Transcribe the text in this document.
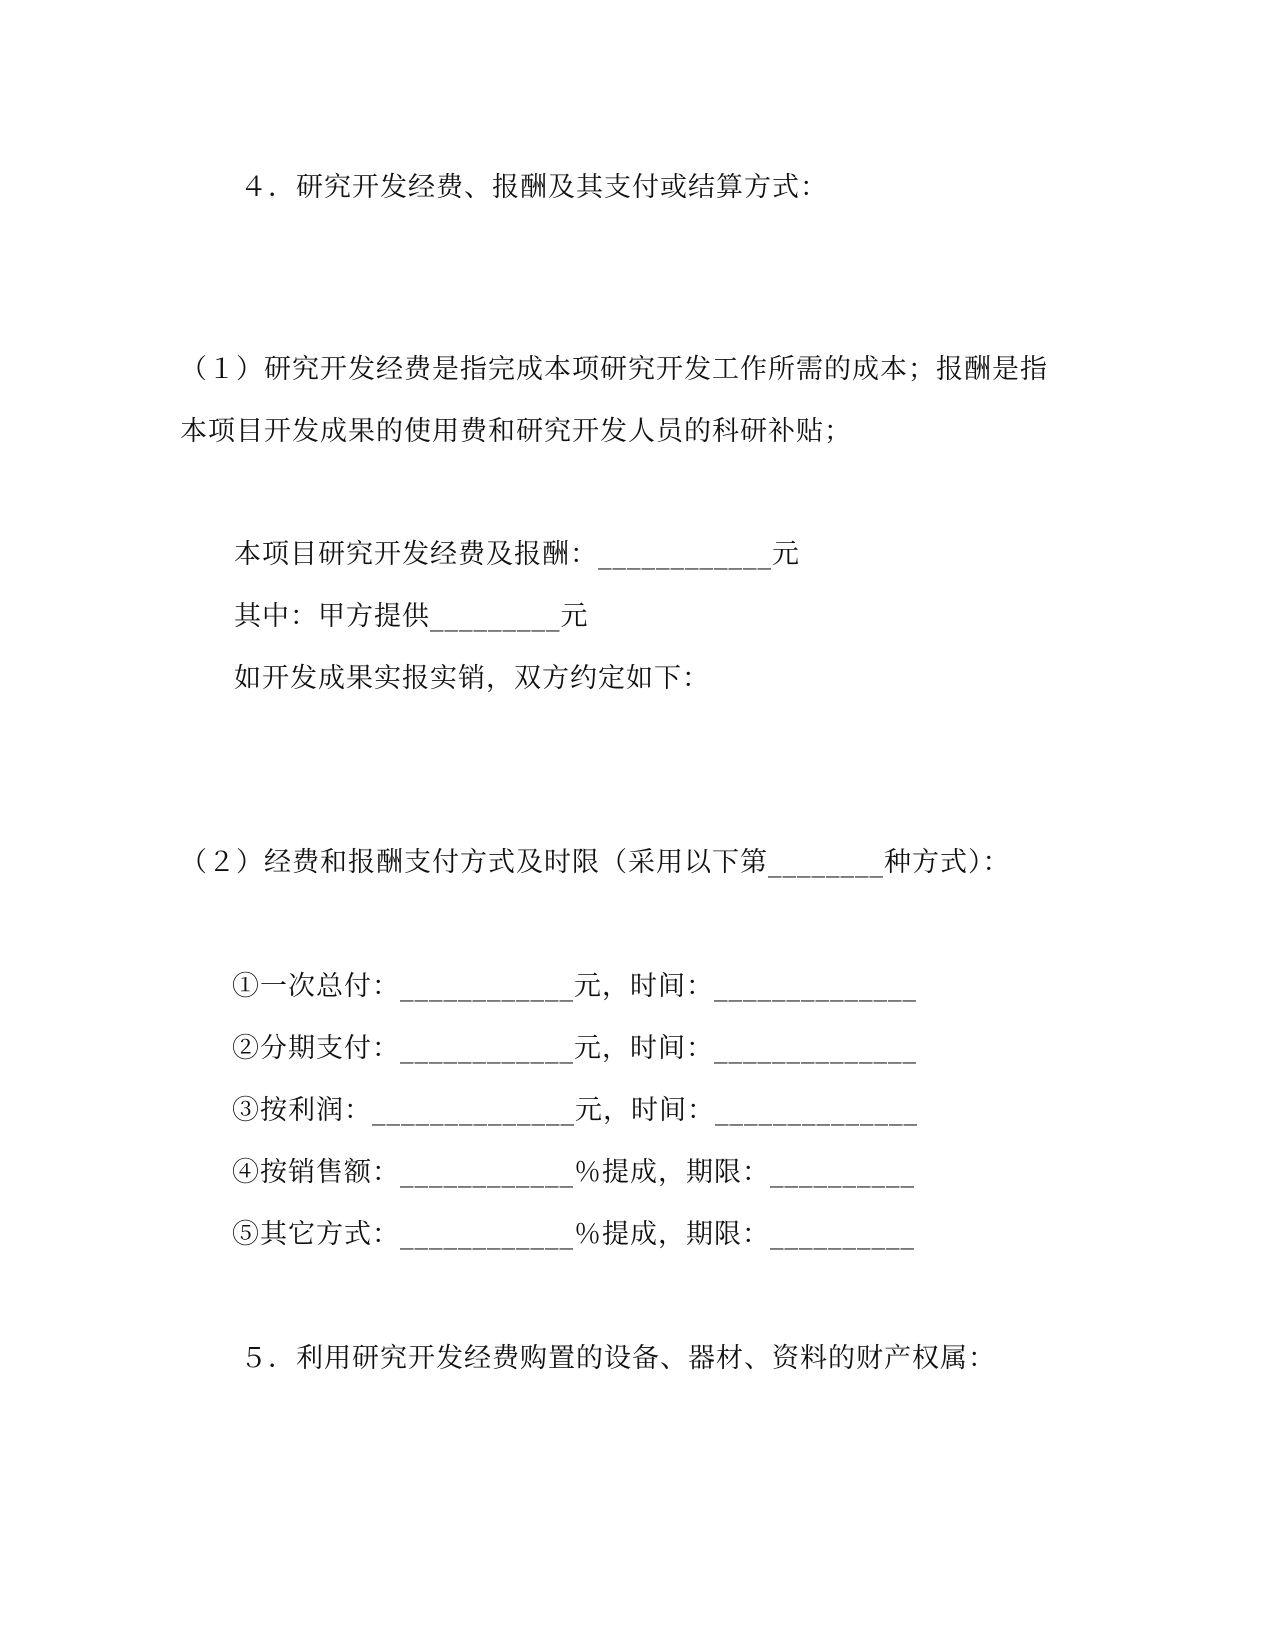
４．研究开发经费、报酬及其支付或结算方式：
（１）研究开发经费是指完成本项研究开发工作所需的成本；报酬是指
本项目开发成果的使用费和研究开发人员的科研补贴；
本项目研究开发经费及报酬：____________元
其中：甲方提供_________元
如开发成果实报实销，双方约定如下：
（２）经费和报酬支付方式及时限（采用以下第________种方式）：
①一次总付：____________元，时间：______________
②分期支付：____________元，时间：______________
③按利润：______________元，时间：______________
④按销售额：____________％提成，期限：__________
⑤其它方式：____________％提成，期限：__________
５．利用研究开发经费购置的设备、器材、资料的财产权属：
